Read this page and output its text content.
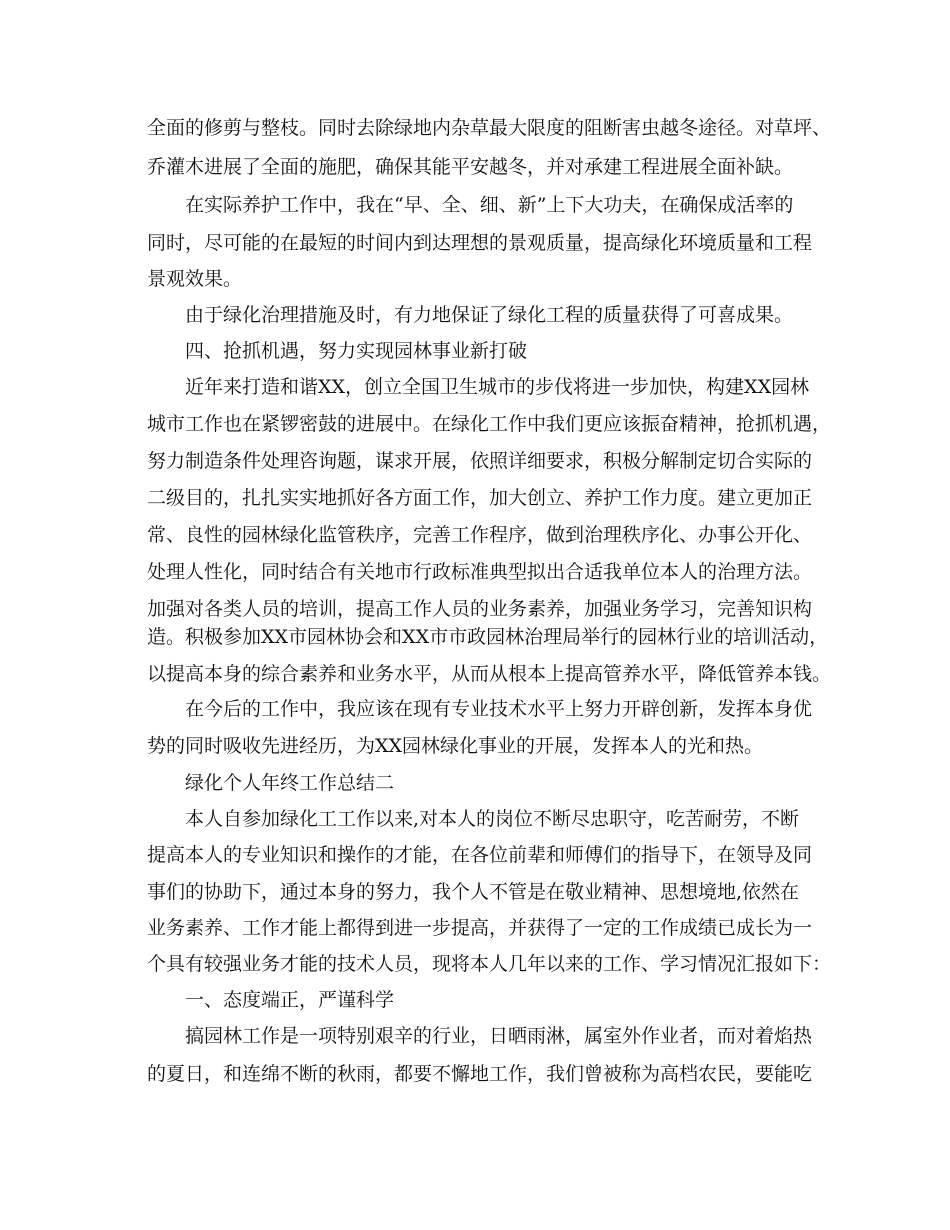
全面的修剪与整枝。同时去除绿地内杂草最大限度的阻断害虫越冬途径。对草坪、

乔灌木进展了全面的施肥，确保其能平安越冬，并对承建工程进展全面补缺。

在实际养护工作中，我在“早、全、细、新”上下大功夫，在确保成活率的

同时，尽可能的在最短的时间内到达理想的景观质量，提高绿化环境质量和工程

景观效果。

由于绿化治理措施及时，有力地保证了绿化工程的质量获得了可喜成果。

四、抢抓机遇，努力实现园林事业新打破

近年来打造和谐XX，创立全国卫生城市的步伐将进一步加快，构建XX园林

城市工作也在紧锣密鼓的进展中。在绿化工作中我们更应该振奋精神，抢抓机遇，

努力制造条件处理咨询题，谋求开展，依照详细要求，积极分解制定切合实际的

二级目的，扎扎实实地抓好各方面工作，加大创立、养护工作力度。建立更加正

常、良性的园林绿化监管秩序，完善工作程序，做到治理秩序化、办事公开化、

处理人性化，同时结合有关地市行政标准典型拟出合适我单位本人的治理方法。

加强对各类人员的培训，提高工作人员的业务素养，加强业务学习，完善知识构

造。积极参加XX市园林协会和XX市市政园林治理局举行的园林行业的培训活动，

以提高本身的综合素养和业务水平，从而从根本上提高管养水平，降低管养本钱。

在今后的工作中，我应该在现有专业技术水平上努力开辟创新，发挥本身优

势的同时吸收先进经历，为XX园林绿化事业的开展，发挥本人的光和热。

绿化个人年终工作总结二

本人自参加绿化工工作以来,对本人的岗位不断尽忠职守，吃苦耐劳，不断

提高本人的专业知识和操作的才能，在各位前辈和师傅们的指导下，在领导及同

事们的协助下，通过本身的努力，我个人不管是在敬业精神、思想境地,依然在

业务素养、工作才能上都得到进一步提高，并获得了一定的工作成绩已成长为一

个具有较强业务才能的技术人员，现将本人几年以来的工作、学习情况汇报如下：

一、态度端正，严谨科学

搞园林工作是一项特别艰辛的行业，日晒雨淋，属室外作业者，而对着焰热

的夏日，和连绵不断的秋雨，都要不懈地工作，我们曾被称为高档农民，要能吃
